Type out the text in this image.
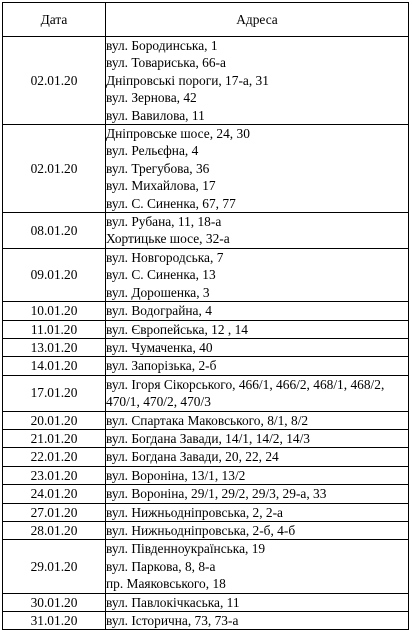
Дата	Адреса
02.01.20	вул. Бородинська, 1
вул. Товариська, 66-а
Дніпровські пороги, 17-а, 31
вул. Зернова, 42
вул. Вавилова, 11

02.01.20	Дніпровське шосе, 24, 30
вул. Рельєфна, 4
вул. Трегубова, 36
вул. Михайлова, 17
вул. С. Синенка, 67, 77

08.01.20	вул. Рубана, 11, 18-а
Хортицьке шосе, 32-а

09.01.20	вул. Новгородська, 7
вул. С. Синенка, 13
вул. Дорошенка, 3

10.01.20	вул. Водограйна, 4

11.01.20	вул. Європейська, 12 , 14

13.01.20	вул. Чумаченка, 40

14.01.20	вул. Запорізька, 2-б

17.01.20	вул. Ігоря Сікорського, 466/1, 466/2, 468/1, 468/2, 470/1, 470/2, 470/3

20.01.20	вул. Спартака Маковського, 8/1, 8/2

21.01.20	вул. Богдана Завади, 14/1, 14/2, 14/3

22.01.20	вул. Богдана Завади, 20, 22, 24

23.01.20	вул. Вороніна, 13/1, 13/2

24.01.20	вул. Вороніна, 29/1, 29/2, 29/3, 29-а, 33

27.01.20	вул. Нижньодніпровська, 2, 2-а

28.01.20	вул. Нижньодніпровська, 2-б, 4-б

29.01.20	вул. Південноукраїнська, 19
вул. Паркова, 8, 8-а
пр. Маяковського, 18

30.01.20	вул. Павлокічкаська, 11

31.01.20	вул. Історична, 73, 73-а
